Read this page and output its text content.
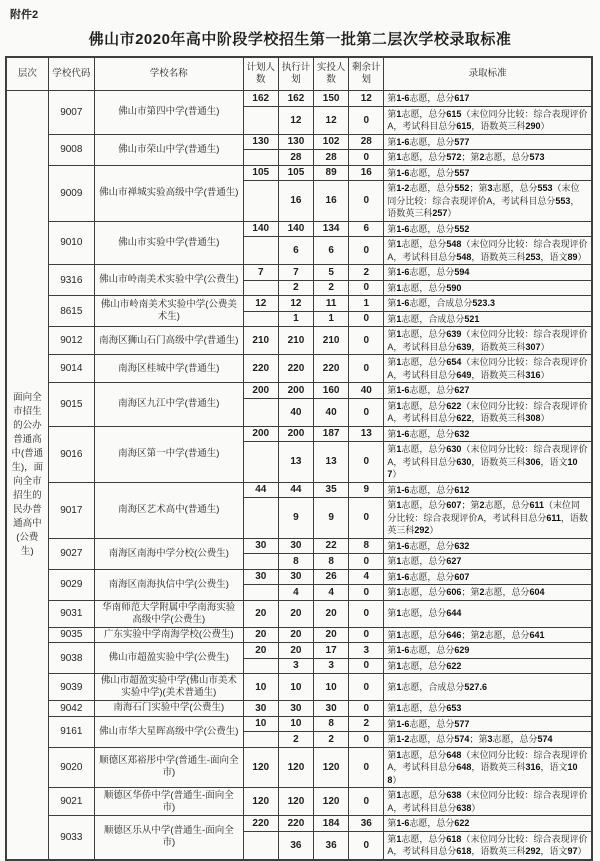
附件2
佛山市2020年高中阶段学校招生第一批第二层次学校录取标准
层次	学校代码	学校名称	计划人数	执行计划	实投人数	剩余计划	录取标准
面向全市招生的公办普通高中(普通生)，面向全市招生的民办普通高中(公费生)	9007	佛山市第四中学(普通生)	162	162	150	12	第1-6志愿，总分617
				12	12	0	第1志愿，总分615（末位同分比较：综合表现评价A，考试科目总分615，语数英三科290）
	9008	佛山市荣山中学(普通生)	130	130	102	28	第1-6志愿，总分577
				28	28	0	第1志愿，总分572；第2志愿，总分573
	9009	佛山市禅城实验高级中学(普通生)	105	105	89	16	第1-6志愿，总分557
				16	16	0	第1-2志愿，总分552；第3志愿，总分553（末位同分比较：综合表现评价A，考试科目总分553，语数英三科257）
	9010	佛山市实验中学(普通生)	140	140	134	6	第1-6志愿，总分552
				6	6	0	第1志愿，总分548（末位同分比较：综合表现评价A，考试科目总分548，语数英三科253，语文89）
	9316	佛山市岭南美术实验中学(公费生)	7	7	5	2	第1-6志愿，总分594
				2	2	0	第1志愿，总分590
	8615	佛山市岭南美术实验中学(公费美术生)	12	12	11	1	第1-6志愿，合成总分523.3
				1	1	0	第1志愿，合成总分521
	9012	南海区狮山石门高级中学(普通生)	210	210	210	0	第1志愿，总分639（末位同分比较：综合表现评价A，考试科目总分639，语数英三科307）
	9014	南海区桂城中学(普通生)	220	220	220	0	第1志愿，总分654（末位同分比较：综合表现评价A，考试科目总分649，语数英三科316）
	9015	南海区九江中学(普通生)	200	200	160	40	第1-6志愿，总分627
				40	40	0	第1志愿，总分622（末位同分比较：综合表现评价A，考试科目总分622，语数英三科308）
	9016	南海区第一中学(普通生)	200	200	187	13	第1-6志愿，总分632
				13	13	0	第1志愿，总分630（末位同分比较：综合表现评价A，考试科目总分630，语数英三科306，语文107）
	9017	南海区艺术高中(普通生)	44	44	35	9	第1-6志愿，总分612
				9	9	0	第1志愿，总分607；第2志愿，总分611（末位同分比较：综合表现评价A，考试科目总分611，语数英三科292）
	9027	南海区南海中学分校(公费生)	30	30	22	8	第1-6志愿，总分632
				8	8	0	第1志愿，总分627
	9029	南海区南海执信中学(公费生)	30	30	26	4	第1-6志愿，总分607
				4	4	0	第1志愿，总分606；第2志愿，总分604
	9031	华南师范大学附属中学南海实验高级中学(公费生)	20	20	20	0	第1志愿，总分644
	9035	广东实验中学南海学校(公费生)	20	20	20	0	第1志愿，总分646；第2志愿，总分641
	9038	佛山市超盈实验中学(公费生)	20	20	17	3	第1-6志愿，总分629
				3	3	0	第1志愿，总分622
	9039	佛山市超盈实验中学(佛山市美术实验中学)(美术普通生)	10	10	10	0	第1志愿，合成总分527.6
	9042	南海石门实验中学(公费生)	30	30	30	0	第1志愿，总分653
	9161	佛山市华大星晖高级中学(公费生)	10	10	8	2	第1-6志愿，总分577
				2	2	0	第1-2志愿，总分574；第3志愿，总分574
	9020	顺德区郑裕彤中学(普通生-面向全市)	120	120	120	0	第1志愿，总分648（末位同分比较：综合表现评价A，考试科目总分648，语数英三科316，语文108）
	9021	顺德区华侨中学(普通生-面向全市)	120	120	120	0	第1志愿，总分638（末位同分比较：综合表现评价A，考试科目总分638）
	9033	顺德区乐从中学(普通生-面向全市)	220	220	184	36	第1-6志愿，总分622
				36	36	0	第1志愿，总分618（末位同分比较：综合表现评价A，考试科目总分618，语数英三科292，语文97）
